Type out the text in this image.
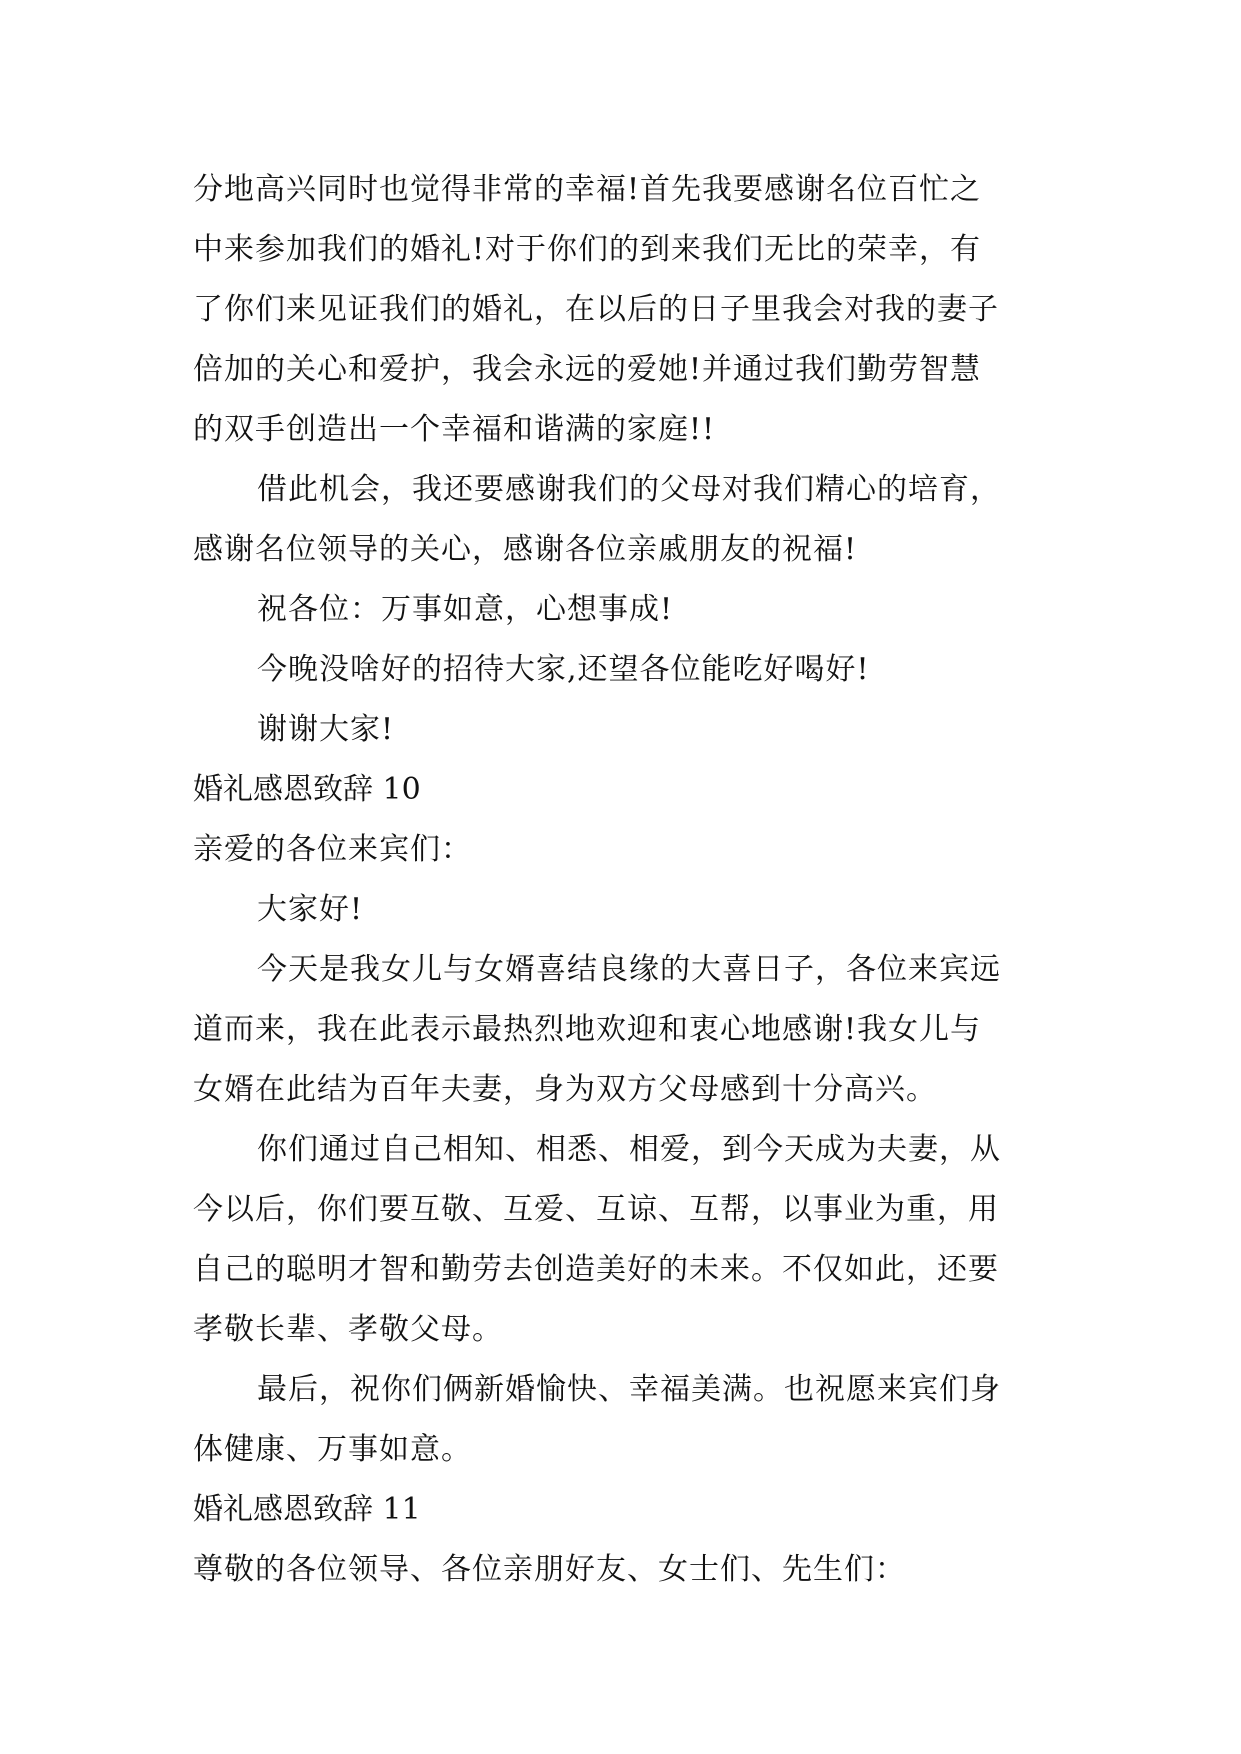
分地高兴同时也觉得非常的幸福!首先我要感谢名位百忙之
中来参加我们的婚礼!对于你们的到来我们无比的荣幸，有
了你们来见证我们的婚礼，在以后的日子里我会对我的妻子
倍加的关心和爱护，我会永远的爱她!并通过我们勤劳智慧
的双手创造出一个幸福和谐满的家庭!!
借此机会，我还要感谢我们的父母对我们精心的培育，
感谢名位领导的关心，感谢各位亲戚朋友的祝福!
祝各位：万事如意，心想事成!
今晚没啥好的招待大家,还望各位能吃好喝好!
谢谢大家!
婚礼感恩致辞 10
亲爱的各位来宾们：
大家好!
今天是我女儿与女婿喜结良缘的大喜日子，各位来宾远
道而来，我在此表示最热烈地欢迎和衷心地感谢!我女儿与
女婿在此结为百年夫妻，身为双方父母感到十分高兴。
你们通过自己相知、相悉、相爱，到今天成为夫妻，从
今以后，你们要互敬、互爱、互谅、互帮，以事业为重，用
自己的聪明才智和勤劳去创造美好的未来。不仅如此，还要
孝敬长辈、孝敬父母。
最后，祝你们俩新婚愉快、幸福美满。也祝愿来宾们身
体健康、万事如意。
婚礼感恩致辞 11
尊敬的各位领导、各位亲朋好友、女士们、先生们：
